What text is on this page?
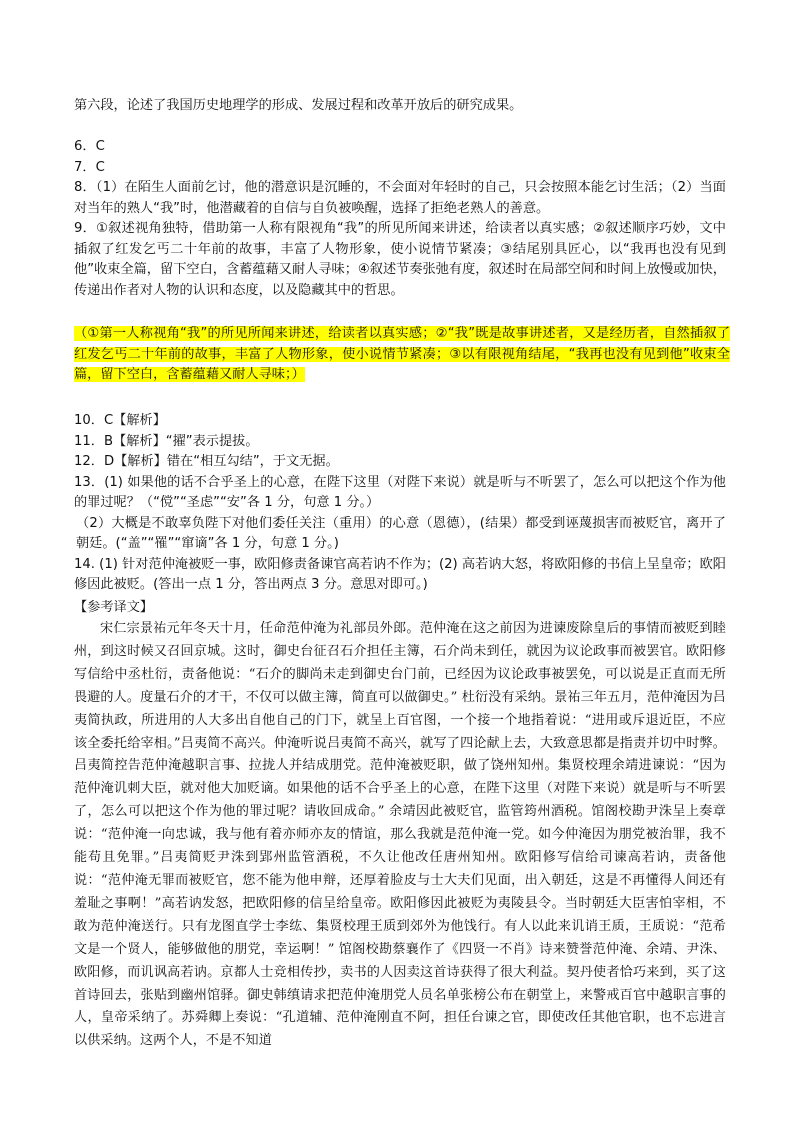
第六段，论述了我国历史地理学的形成、发展过程和改革开放后的研究成果。

6．C

7．C

8．（1）在陌生人面前乞讨，他的潜意识是沉睡的，不会面对年轻时的自己，只会按照本能乞讨生活；（2）当面对当年的熟人“我”时，他潜藏着的自信与自负被唤醒，选择了拒绝老熟人的善意。

9．①叙述视角独特，借助第一人称有限视角“我”的所见所闻来讲述，给读者以真实感；②叙述顺序巧妙，文中插叙了红发乞丐二十年前的故事，丰富了人物形象，使小说情节紧凑；③结尾别具匠心，以“我再也没有见到他”收束全篇，留下空白，含蓄蕴藉又耐人寻味；④叙述节奏张弛有度，叙述时在局部空间和时间上放慢或加快，传递出作者对人物的认识和态度，以及隐藏其中的哲思。

（①第一人称视角“我”的所见所闻来讲述，给读者以真实感；②“我”既是故事讲述者，又是经历者，自然插叙了红发乞丐二十年前的故事，丰富了人物形象，使小说情节紧凑；③以有限视角结尾，“我再也没有见到他”收束全篇，留下空白，含蓄蕴藉又耐人寻味；）

10．C【解析】

11．B【解析】“擢”表示提拔。

12．D【解析】错在“相互勾结”，于文无据。

13．(1) 如果他的话不合乎圣上的心意，在陛下这里（对陛下来说）就是听与不听罢了，怎么可以把这个作为他的罪过呢？（“傥”“圣虑”“安”各 1 分，句意 1 分。）

（2）大概是不敢辜负陛下对他们委任关注（重用）的心意（恩德），(结果）都受到诬蔑损害而被贬官，离开了朝廷。(“盖”“罹”“窜谪”各 1 分，句意 1 分。)

14. (1) 针对范仲淹被贬一事，欧阳修责备谏官高若讷不作为；(2) 高若讷大怒，将欧阳修的书信上呈皇帝；欧阳修因此被贬。(答出一点 1 分，答出两点 3 分。意思对即可。)

【参考译文】

宋仁宗景祐元年冬天十月，任命范仲淹为礼部员外郎。范仲淹在这之前因为进谏废除皇后的事情而被贬到睦州，到这时候又召回京城。这时，御史台征召石介担任主簿，石介尚未到任，就因为议论政事而被罢官。欧阳修写信给中丞杜衍，责备他说：“石介的脚尚未走到御史台门前，已经因为议论政事被罢免，可以说是正直而无所畏避的人。度量石介的才干，不仅可以做主簿，简直可以做御史。” 杜衍没有采纳。景祐三年五月，范仲淹因为吕夷简执政，所进用的人大多出自他自己的门下，就呈上百官图，一个接一个地指着说：“进用或斥退近臣，不应该全委托给宰相。”吕夷简不高兴。仲淹听说吕夷简不高兴，就写了四论献上去，大致意思都是指责并切中时弊。吕夷简控告范仲淹越职言事、拉拢人并结成朋党。范仲淹被贬职，做了饶州知州。集贤校理余靖进谏说：“因为范仲淹讥刺大臣，就对他大加贬谪。如果他的话不合乎圣上的心意，在陛下这里（对陛下来说）就是听与不听罢了，怎么可以把这个作为他的罪过呢？请收回成命。” 余靖因此被贬官，监管筠州酒税。馆阁校勘尹洙呈上奏章说：“范仲淹一向忠诚，我与他有着亦师亦友的情谊，那么我就是范仲淹一党。如今仲淹因为朋党被治罪，我不能苟且免罪。”吕夷简贬尹洙到郢州监管酒税，不久让他改任唐州知州。欧阳修写信给司谏高若讷，责备他说：“范仲淹无罪而被贬官，您不能为他申辩，还厚着脸皮与士大夫们见面，出入朝廷，这是不再懂得人间还有羞耻之事啊！”高若讷发怒，把欧阳修的信呈给皇帝。欧阳修因此被贬为夷陵县令。当时朝廷大臣害怕宰相，不敢为范仲淹送行。只有龙图直学士李纮、集贤校理王质到郊外为他饯行。有人以此来讥诮王质，王质说：“范希文是一个贤人，能够做他的朋党，幸运啊！” 馆阁校勘蔡襄作了《四贤一不肖》诗来赞誉范仲淹、余靖、尹洙、欧阳修，而讥讽高若讷。京都人士竞相传抄，卖书的人因卖这首诗获得了很大利益。契丹使者恰巧来到，买了这首诗回去，张贴到幽州馆驿。御史韩缜请求把范仲淹朋党人员名单张榜公布在朝堂上，来警戒百官中越职言事的人，皇帝采纳了。苏舜卿上奏说：“孔道辅、范仲淹刚直不阿，担任台谏之官，即使改任其他官职，也不忘进言以供采纳。这两个人，不是不知道
